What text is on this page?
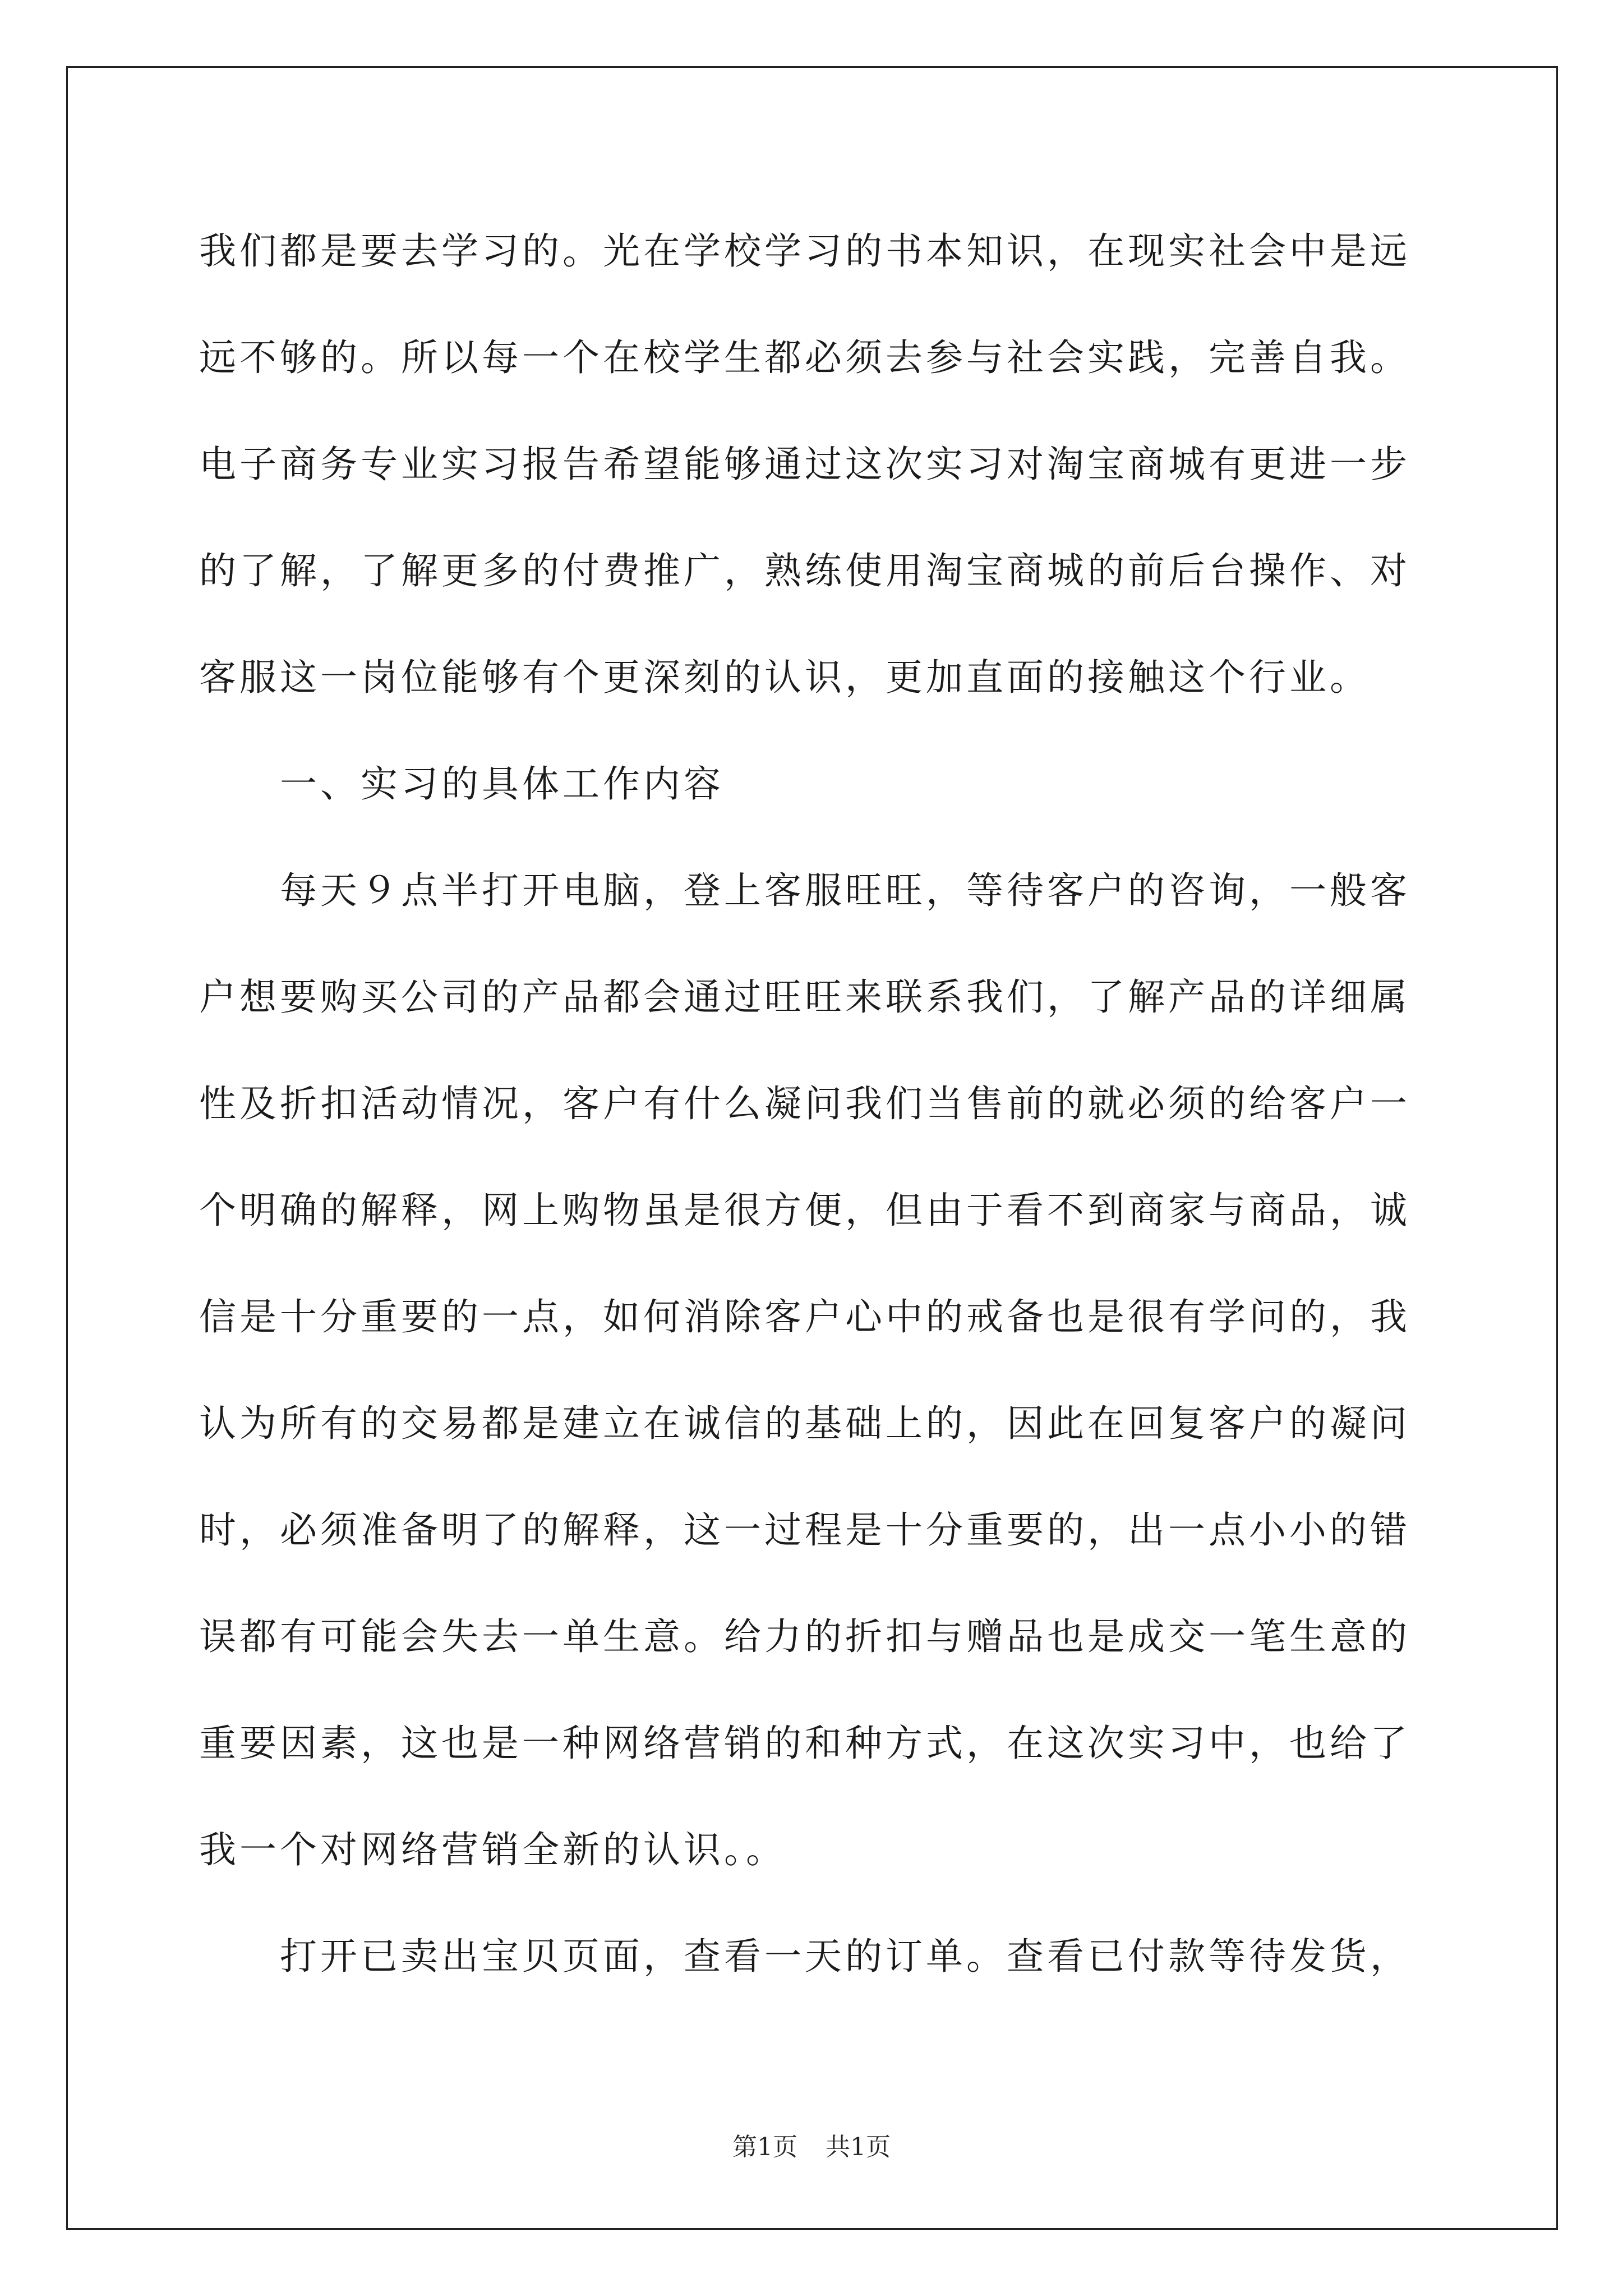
我们都是要去学习的。光在学校学习的书本知识，在现实社会中是远
远不够的。所以每一个在校学生都必须去参与社会实践，完善自我。
电子商务专业实习报告希望能够通过这次实习对淘宝商城有更进一步
的了解，了解更多的付费推广，熟练使用淘宝商城的前后台操作、对
客服这一岗位能够有个更深刻的认识，更加直面的接触这个行业。
　　一、实习的具体工作内容
　　每天９点半打开电脑，登上客服旺旺，等待客户的咨询，一般客
户想要购买公司的产品都会通过旺旺来联系我们，了解产品的详细属
性及折扣活动情况，客户有什么凝问我们当售前的就必须的给客户一
个明确的解释，网上购物虽是很方便，但由于看不到商家与商品，诚
信是十分重要的一点，如何消除客户心中的戒备也是很有学问的，我
认为所有的交易都是建立在诚信的基础上的，因此在回复客户的凝问
时，必须准备明了的解释，这一过程是十分重要的，出一点小小的错
误都有可能会失去一单生意。给力的折扣与赠品也是成交一笔生意的
重要因素，这也是一种网络营销的和种方式，在这次实习中，也给了
我一个对网络营销全新的认识。。
　　打开已卖出宝贝页面，查看一天的订单。查看已付款等待发货，
第1页 共1页
